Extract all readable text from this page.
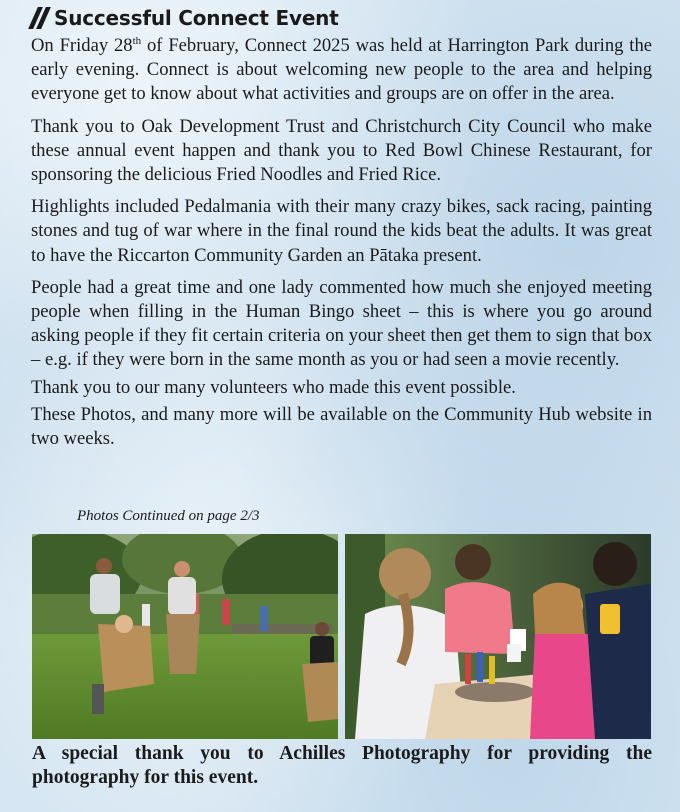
Successful Connect Event

On Friday 28th of February, Connect 2025 was held at Harrington Park during the early evening. Connect is about welcoming new people to the area and helping everyone get to know about what activities and groups are on offer in the area.

Thank you to Oak Development Trust and Christchurch City Council who make these annual event happen and thank you to Red Bowl Chinese Restaurant, for sponsoring the delicious Fried Noodles and Fried Rice.

Highlights included Pedalmania with their many crazy bikes, sack racing, painting stones and tug of war where in the final round the kids beat the adults. It was great to have the Riccarton Community Garden an Pātaka present.

People had a great time and one lady commented how much she enjoyed meeting people when filling in the Human Bingo sheet – this is where you go around asking people if they fit certain criteria on your sheet then get them to sign that box – e.g. if they were born in the same month as you or had seen a movie recently.

Thank you to our many volunteers who made this event possible.

These Photos, and many more will be available on the Community Hub website in two weeks.

Photos Continued on page 2/3
A special thank you to Achilles Photography for providing the photography for this event.
